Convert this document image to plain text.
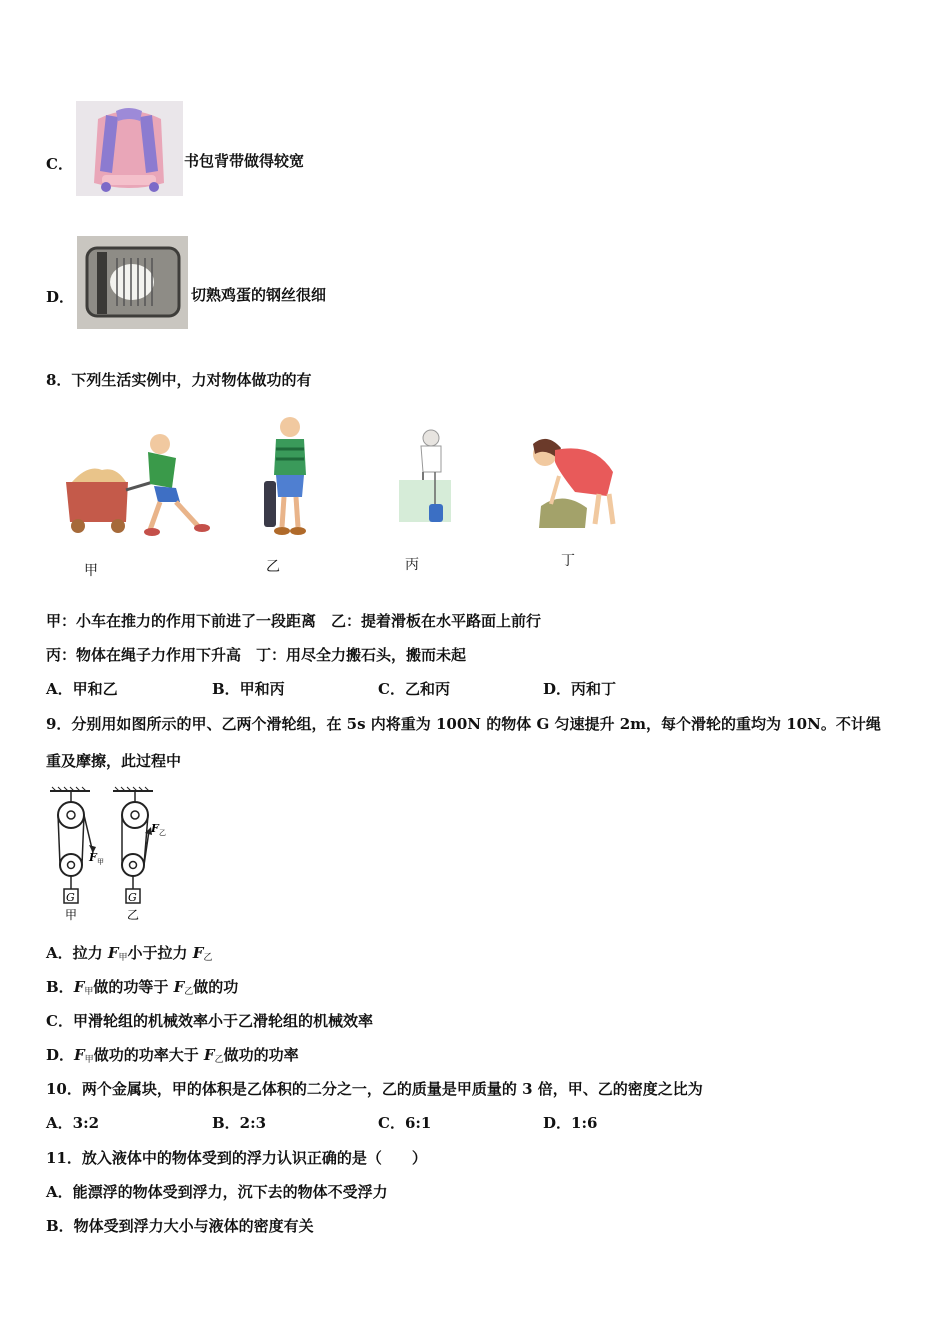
C．	书包背带做得较宽
D．	切熟鸡蛋的钢丝很细
8．下列生活实例中，力对物体做功的有
甲	乙	丙	丁
甲：小车在推力的作用下前进了一段距离　乙：提着滑板在水平路面上前行
丙：物体在绳子力作用下升高　丁：用尽全力搬石头，搬而未起
A．甲和乙	B．甲和丙	C．乙和丙	D．丙和丁
9．分别用如图所示的甲、乙两个滑轮组，在 5s 内将重为 100N 的物体 G 匀速提升 2m，每个滑轮的重均为 10N。不计绳
重及摩擦，此过程中
G	G
F 甲
F 乙
甲	乙
A．拉力 $F_甲$小于拉力 $F_乙$
B．$F_甲$做的功等于 $F_乙$做的功
C．甲滑轮组的机械效率小于乙滑轮组的机械效率
D．$F_甲$做功的功率大于 $F_乙$做功的功率
10．两个金属块，甲的体积是乙体积的二分之一，乙的质量是甲质量的 3 倍，甲、乙的密度之比为
A．3:2	B．2:3	C．6:1	D．1:6
11．放入液体中的物体受到的浮力认识正确的是（　　）
A．能漂浮的物体受到浮力，沉下去的物体不受浮力
B．物体受到浮力大小与液体的密度有关
